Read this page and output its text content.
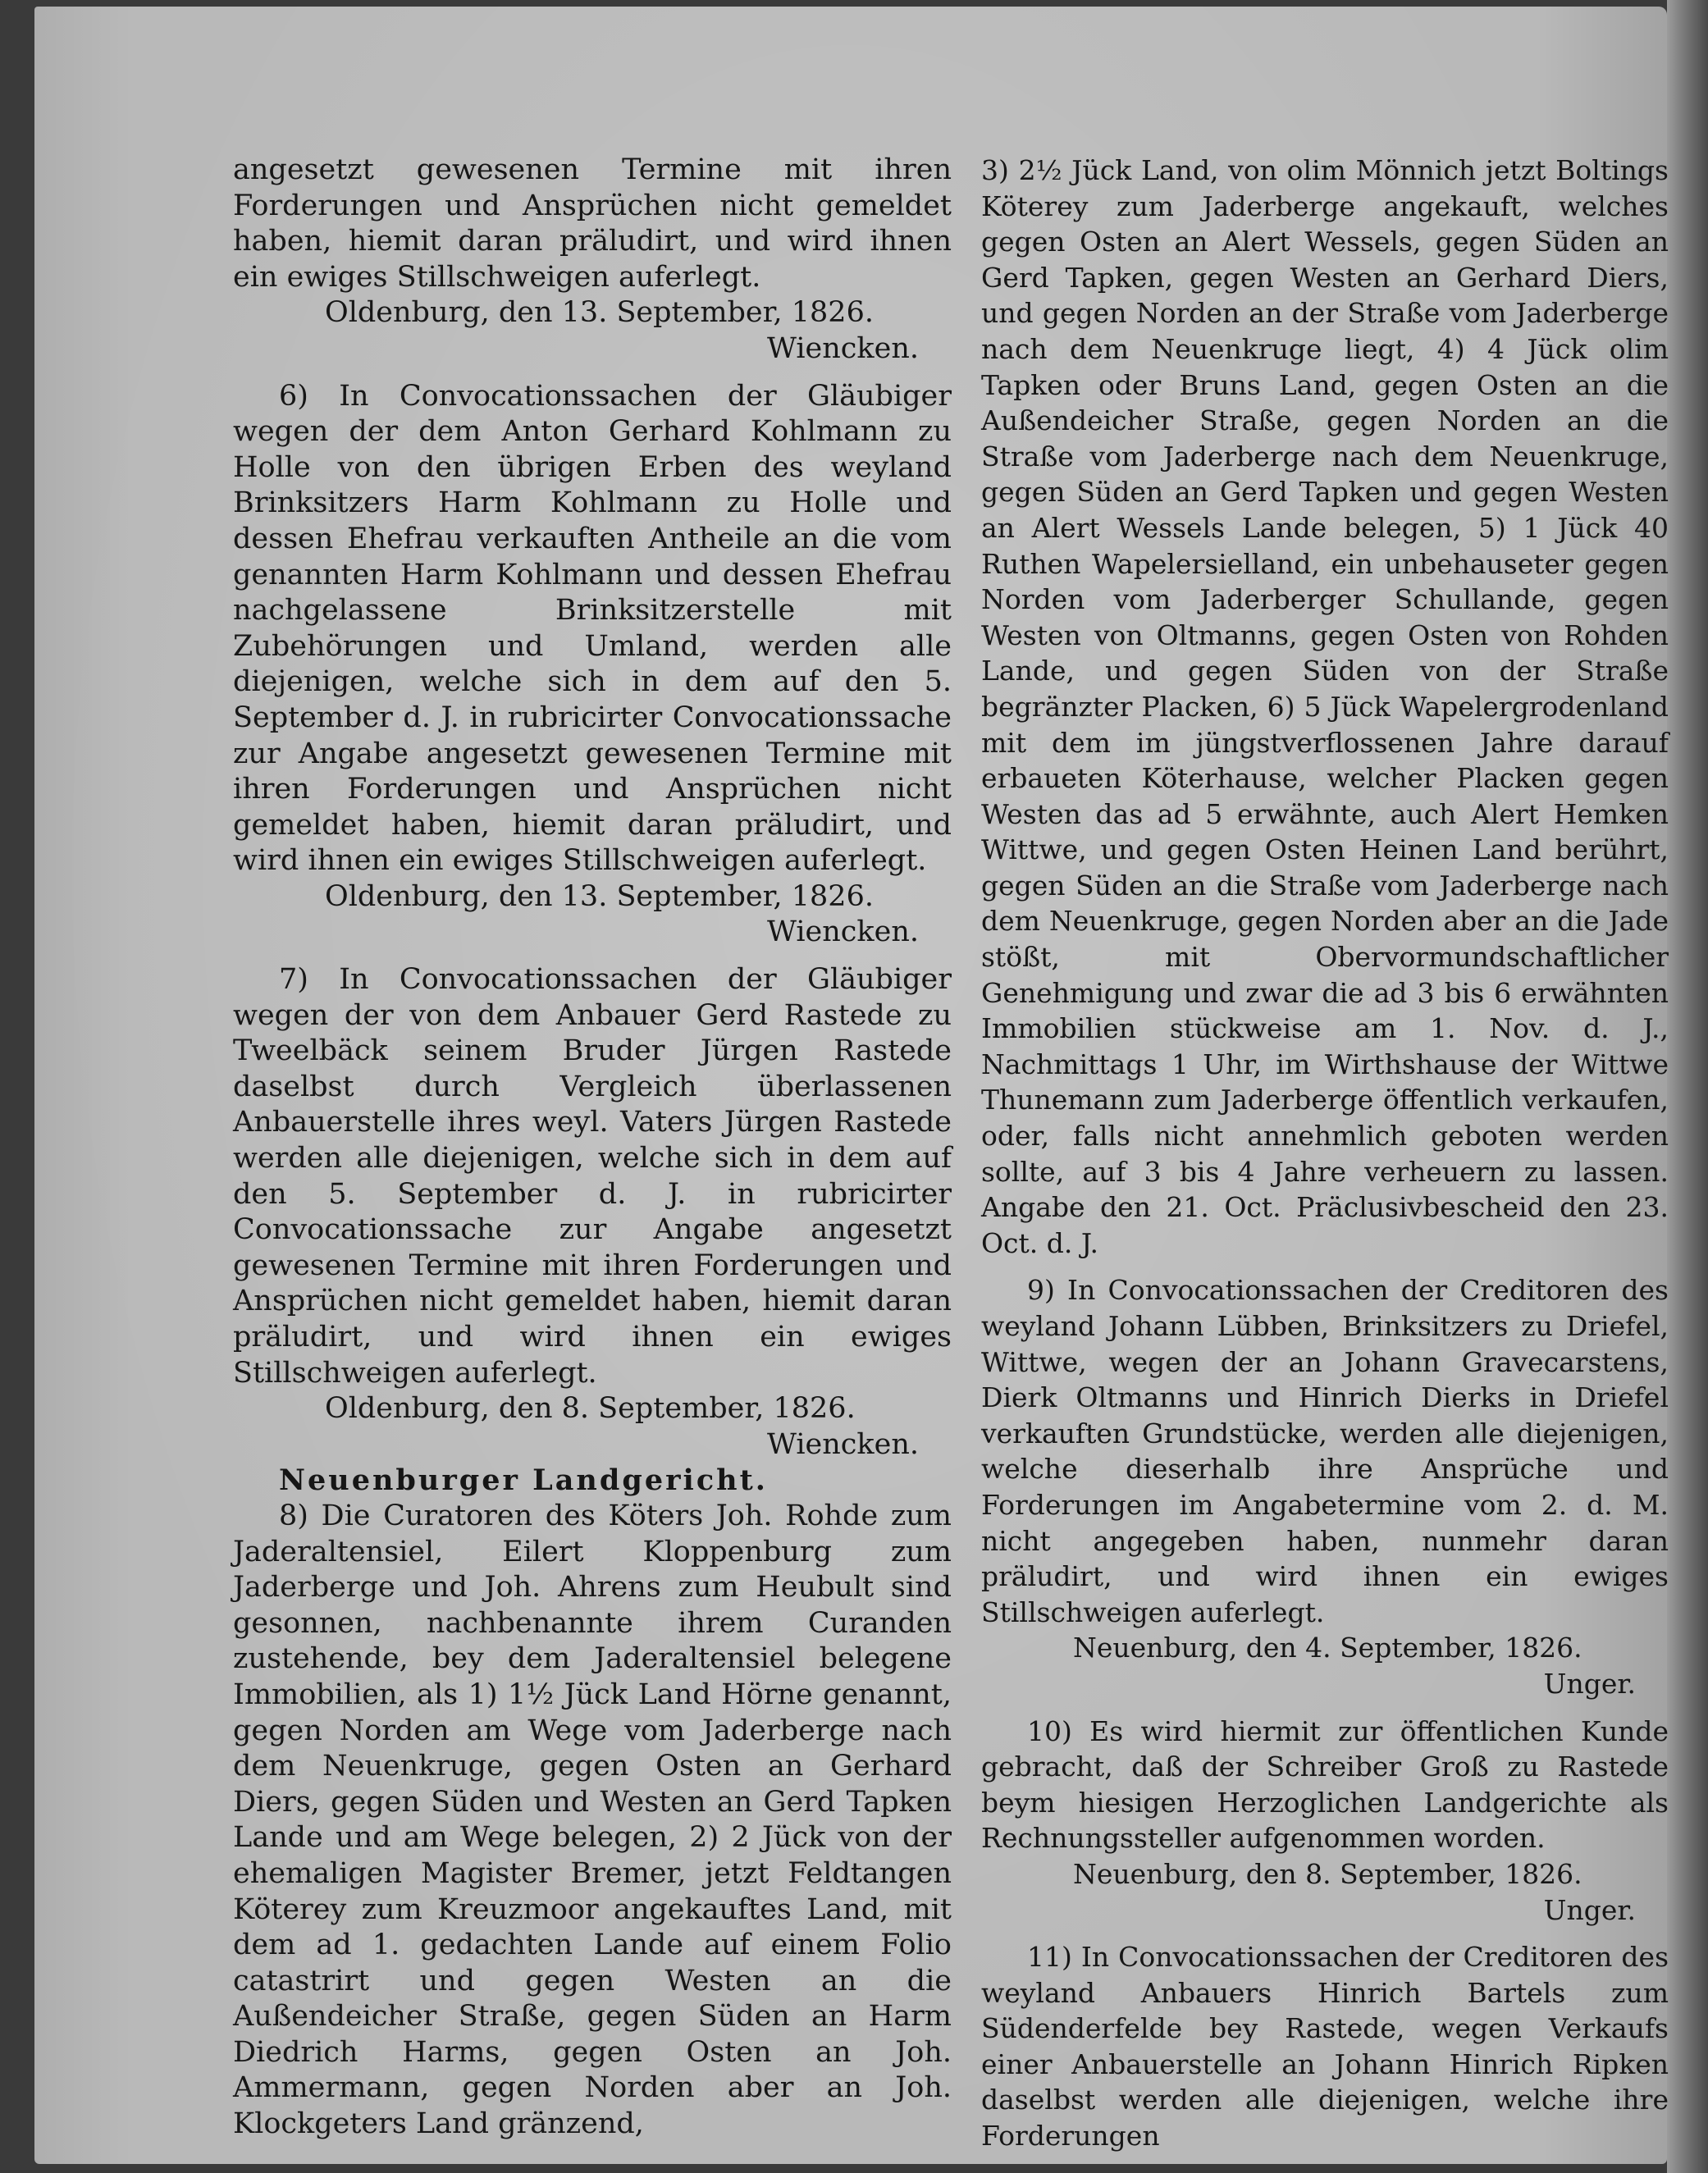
angesetzt gewesenen Termine mit ihren Forderungen und Ansprüchen nicht gemeldet haben, hiemit daran präludirt, und wird ihnen ein ewiges Stillschweigen auferlegt.

Oldenburg, den 13. September, 1826.

Wiencken.

6) In Convocationssachen der Gläubiger wegen der dem Anton Gerhard Kohlmann zu Holle von den übrigen Erben des weyland Brinksitzers Harm Kohlmann zu Holle und dessen Ehefrau verkauften Antheile an die vom genannten Harm Kohlmann und dessen Ehefrau nachgelassene Brinksitzerstelle mit Zubehörungen und Umland, werden alle diejenigen, welche sich in dem auf den 5. September d. J. in rubricirter Convocationssache zur Angabe angesetzt gewesenen Termine mit ihren Forderungen und Ansprüchen nicht gemeldet haben, hiemit daran präludirt, und wird ihnen ein ewiges Stillschweigen auferlegt.

Oldenburg, den 13. September, 1826.

Wiencken.

7) In Convocationssachen der Gläubiger wegen der von dem Anbauer Gerd Rastede zu Tweelbäck seinem Bruder Jürgen Rastede daselbst durch Vergleich überlassenen Anbauerstelle ihres weyl. Vaters Jürgen Rastede werden alle diejenigen, welche sich in dem auf den 5. September d. J. in rubricirter Convocationssache zur Angabe angesetzt gewesenen Termine mit ihren Forderungen und Ansprüchen nicht gemeldet haben, hiemit daran präludirt, und wird ihnen ein ewiges Stillschweigen auferlegt.

Oldenburg, den 8. September, 1826.

Wiencken.

Neuenburger Landgericht.

8) Die Curatoren des Köters Joh. Rohde zum Jaderaltensiel, Eilert Kloppenburg zum Jaderberge und Joh. Ahrens zum Heubult sind gesonnen, nachbenannte ihrem Curanden zustehende, bey dem Jaderaltensiel belegene Immobilien, als 1) 1½ Jück Land Hörne genannt, gegen Norden am Wege vom Jaderberge nach dem Neuenkruge, gegen Osten an Gerhard Diers, gegen Süden und Westen an Gerd Tapken Lande und am Wege belegen, 2) 2 Jück von der ehemaligen Magister Bremer, jetzt Feldtangen Köterey zum Kreuzmoor angekauftes Land, mit dem ad 1. gedachten Lande auf einem Folio catastrirt und gegen Westen an die Außendeicher Straße, gegen Süden an Harm Diedrich Harms, gegen Osten an Joh. Ammermann, gegen Norden aber an Joh. Klockgeters Land gränzend,

3) 2½ Jück Land, von olim Mönnich jetzt Boltings Köterey zum Jaderberge angekauft, welches gegen Osten an Alert Wessels, gegen Süden an Gerd Tapken, gegen Westen an Gerhard Diers, und gegen Norden an der Straße vom Jaderberge nach dem Neuenkruge liegt, 4) 4 Jück olim Tapken oder Bruns Land, gegen Osten an die Außendeicher Straße, gegen Norden an die Straße vom Jaderberge nach dem Neuenkruge, gegen Süden an Gerd Tapken und gegen Westen an Alert Wessels Lande belegen, 5) 1 Jück 40 Ruthen Wapelersielland, ein unbehauseter gegen Norden vom Jaderberger Schullande, gegen Westen von Oltmanns, gegen Osten von Rohden Lande, und gegen Süden von der Straße begränzter Placken, 6) 5 Jück Wapelergrodenland mit dem im jüngstverflossenen Jahre darauf erbaueten Köterhause, welcher Placken gegen Westen das ad 5 erwähnte, auch Alert Hemken Wittwe, und gegen Osten Heinen Land berührt, gegen Süden an die Straße vom Jaderberge nach dem Neuenkruge, gegen Norden aber an die Jade stößt, mit Obervormundschaftlicher Genehmigung und zwar die ad 3 bis 6 erwähnten Immobilien stückweise am 1. Nov. d. J., Nachmittags 1 Uhr, im Wirthshause der Wittwe Thunemann zum Jaderberge öffentlich verkaufen, oder, falls nicht annehmlich geboten werden sollte, auf 3 bis 4 Jahre verheuern zu lassen. Angabe den 21. Oct. Präclusivbescheid den 23. Oct. d. J.

9) In Convocationssachen der Creditoren des weyland Johann Lübben, Brinksitzers zu Driefel, Wittwe, wegen der an Johann Gravecarstens, Dierk Oltmanns und Hinrich Dierks in Driefel verkauften Grundstücke, werden alle diejenigen, welche dieserhalb ihre Ansprüche und Forderungen im Angabetermine vom 2. d. M. nicht angegeben haben, nunmehr daran präludirt, und wird ihnen ein ewiges Stillschweigen auferlegt.

Neuenburg, den 4. September, 1826.

Unger.

10) Es wird hiermit zur öffentlichen Kunde gebracht, daß der Schreiber Groß zu Rastede beym hiesigen Herzoglichen Landgerichte als Rechnungssteller aufgenommen worden.

Neuenburg, den 8. September, 1826.

Unger.

11) In Convocationssachen der Creditoren des weyland Anbauers Hinrich Bartels zum Südenderfelde bey Rastede, wegen Verkaufs einer Anbauerstelle an Johann Hinrich Ripken daselbst werden alle diejenigen, welche ihre Forderungen
